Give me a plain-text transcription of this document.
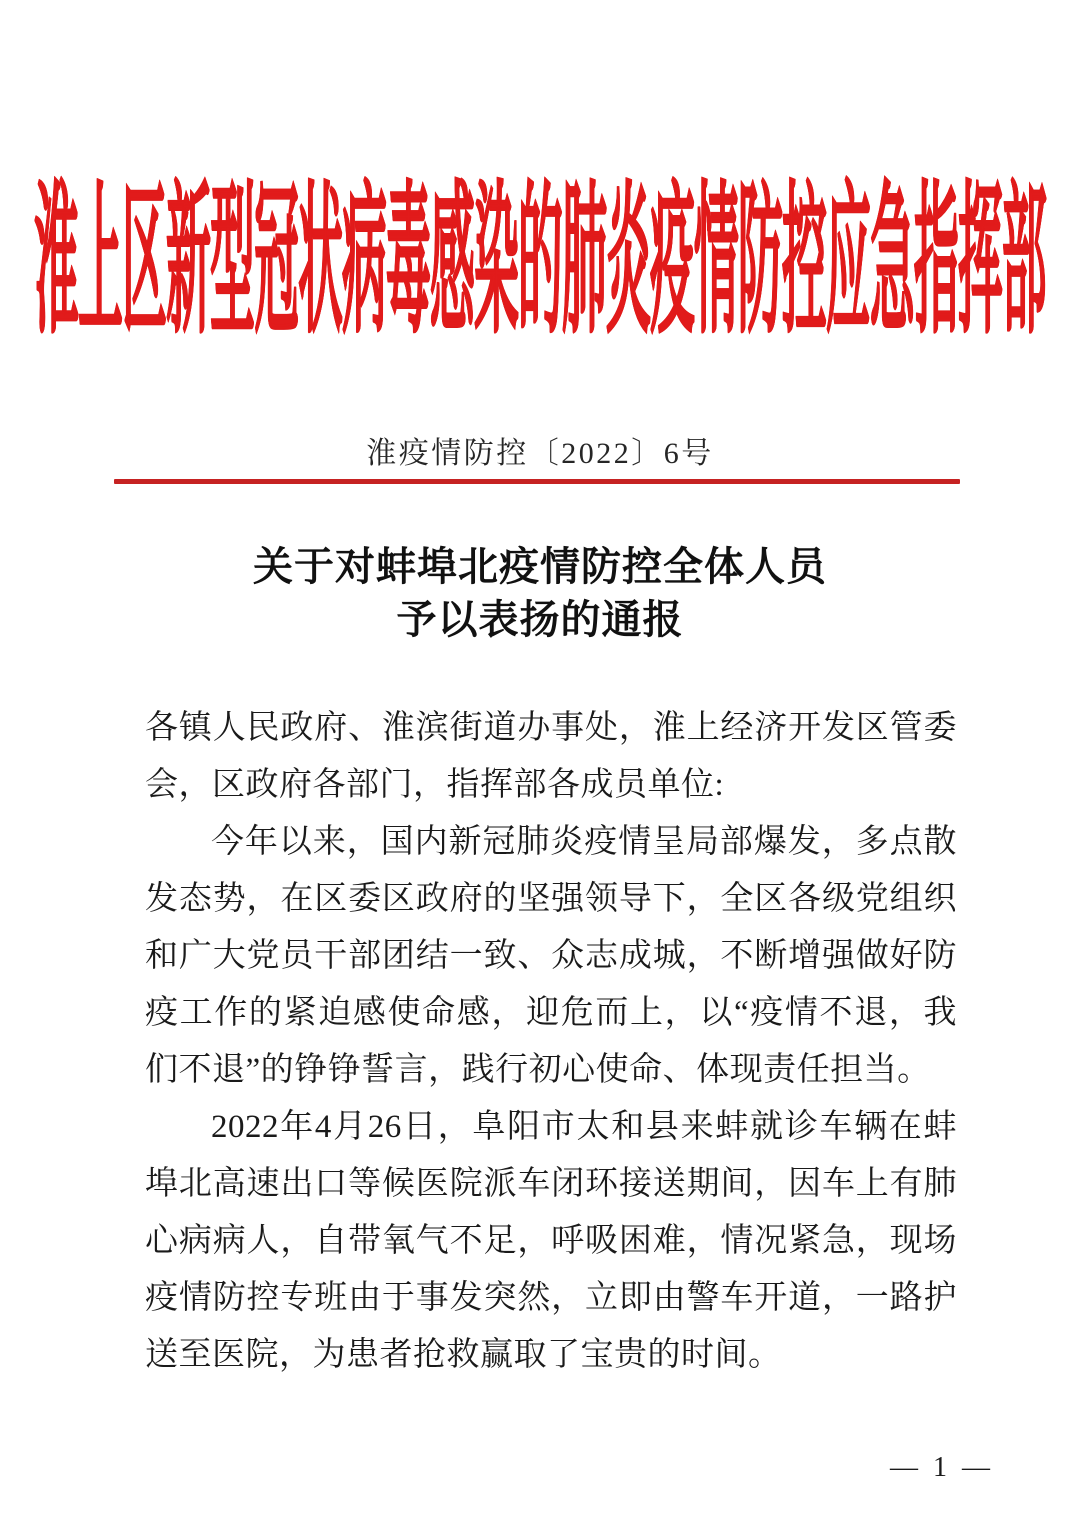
淮上区新型冠状病毒感染的肺炎疫情防控应急指挥部
淮疫情防控〔2022〕6号
关于对蚌埠北疫情防控全体人员
予以表扬的通报

各镇人民政府、淮滨街道办事处，淮上经济开发区管委会，区政府各部门，指挥部各成员单位:

今年以来，国内新冠肺炎疫情呈局部爆发，多点散发态势，在区委区政府的坚强领导下，全区各级党组织和广大党员干部团结一致、众志成城，不断增强做好防疫工作的紧迫感使命感，迎危而上，以“疫情不退，我们不退”的铮铮誓言，践行初心使命、体现责任担当。

2022年4月26日，阜阳市太和县来蚌就诊车辆在蚌埠北高速出口等候医院派车闭环接送期间，因车上有肺心病病人，自带氧气不足，呼吸困难，情况紧急，现场疫情防控专班由于事发突然，立即由警车开道，一路护送至医院，为患者抢救赢取了宝贵的时间。

— 1 —
